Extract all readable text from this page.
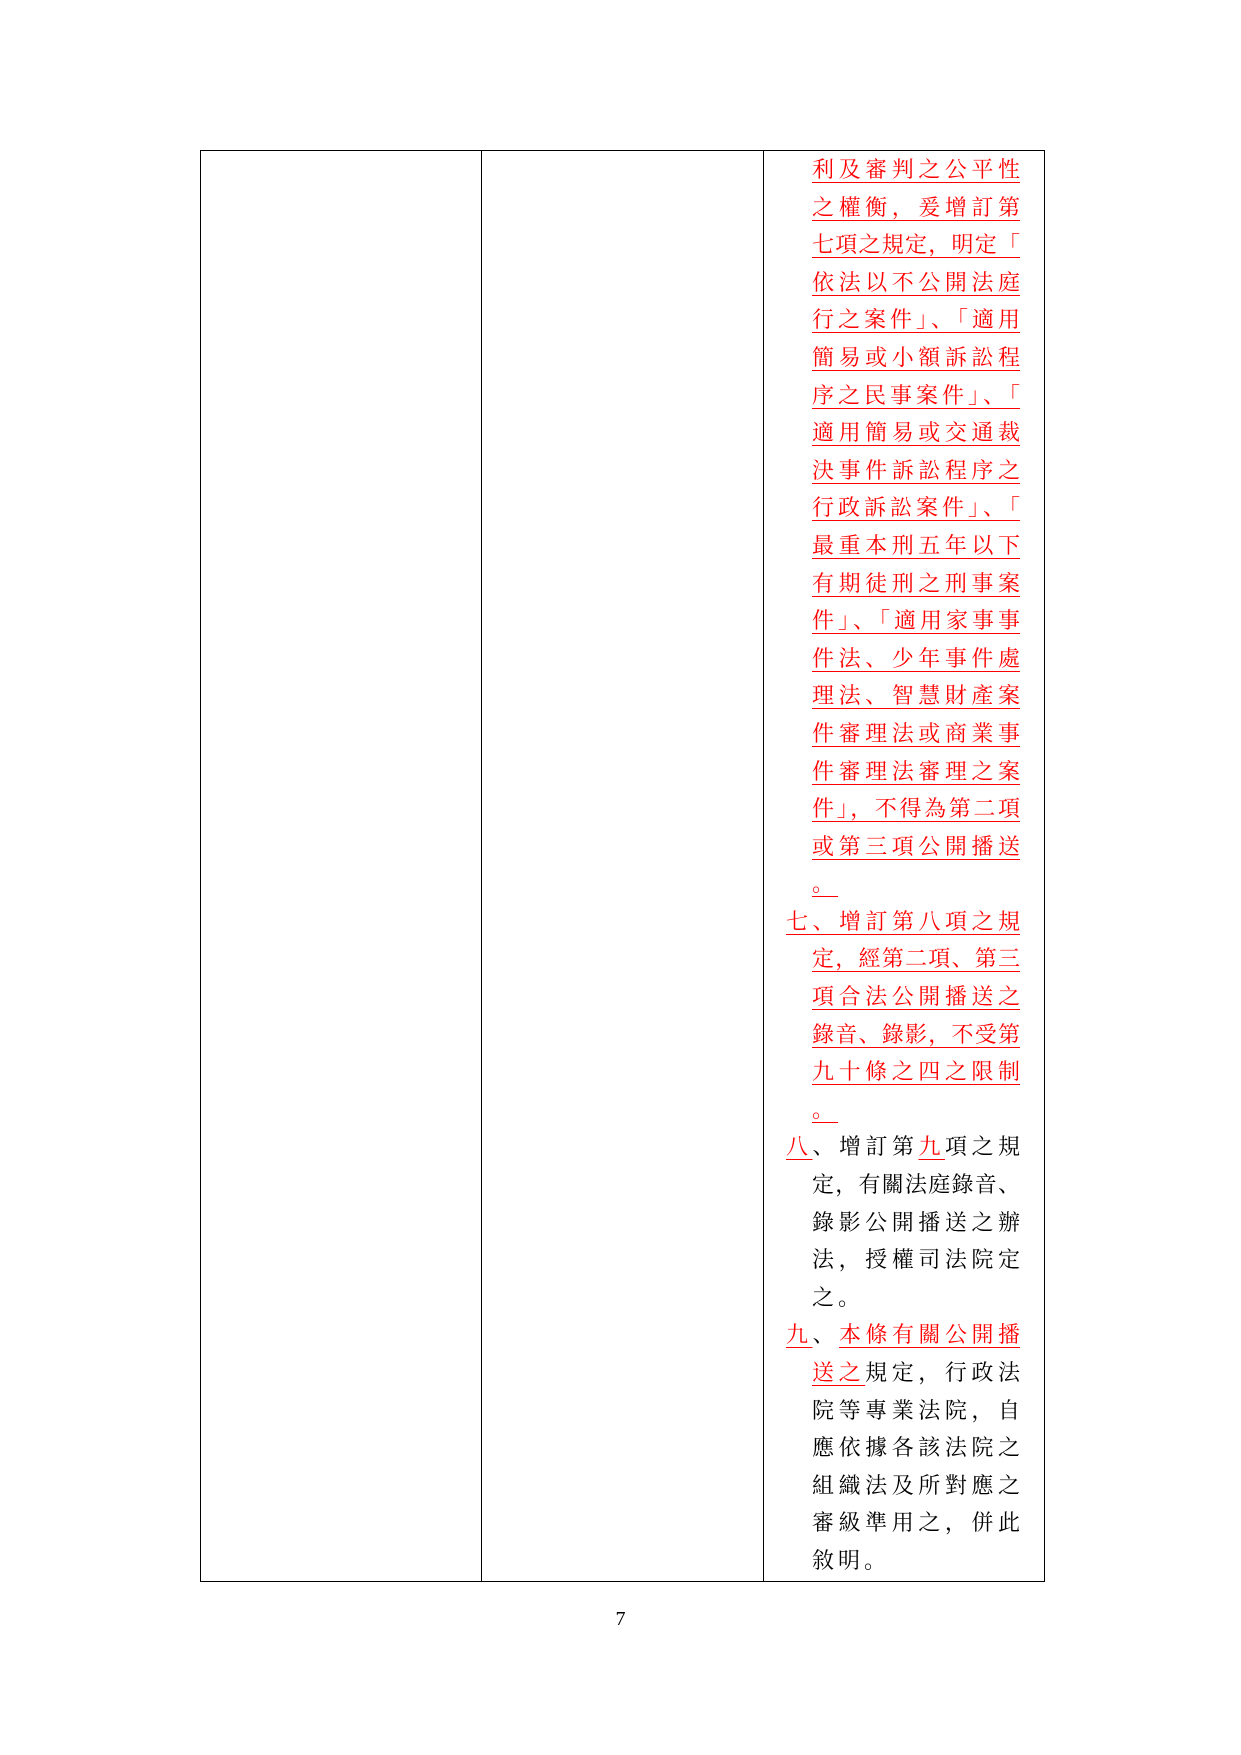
利及審判之公平性
之權衡，爰增訂第
七項之規定，明定「
依法以不公開法庭
行之案件」、「適用
簡易或小額訴訟程
序之民事案件」、「
適用簡易或交通裁
決事件訴訟程序之
行政訴訟案件」、「
最重本刑五年以下
有期徒刑之刑事案
件」、「適用家事事
件法、少年事件處
理法、智慧財產案
件審理法或商業事
件審理法審理之案
件」，不得為第二項
或第三項公開播送
。
七、增訂第八項之規
定，經第二項、第三
項合法公開播送之
錄音、錄影，不受第
九十條之四之限制
。
八、增訂第九項之規
定，有關法庭錄音、
錄影公開播送之辦
法，授權司法院定
之。
九、本條有關公開播
送之規定，行政法
院等專業法院，自
應依據各該法院之
組織法及所對應之
審級準用之，併此
敘明。
7
